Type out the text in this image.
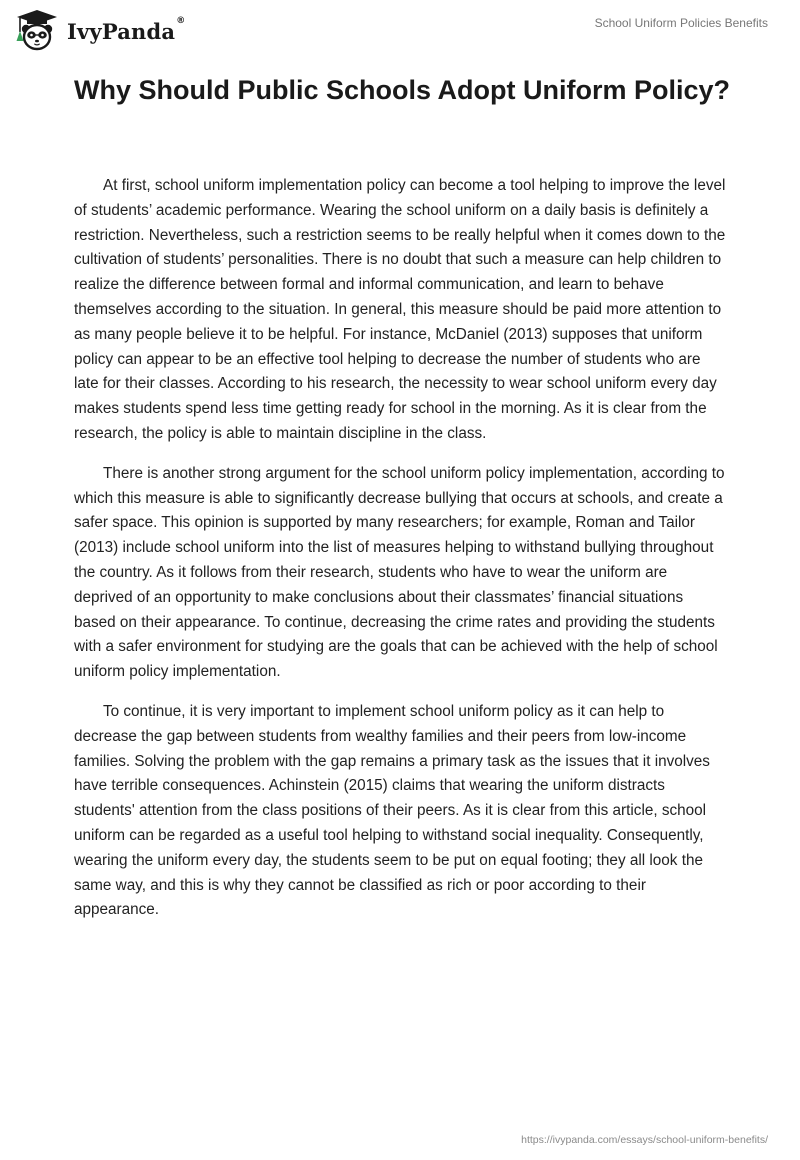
IvyPanda ®	School Uniform Policies Benefits
Why Should Public Schools Adopt Uniform Policy?

At first, school uniform implementation policy can become a tool helping to improve the level of students’ academic performance. Wearing the school uniform on a daily basis is definitely a restriction. Nevertheless, such a restriction seems to be really helpful when it comes down to the cultivation of students’ personalities. There is no doubt that such a measure can help children to realize the difference between formal and informal communication, and learn to behave themselves according to the situation. In general, this measure should be paid more attention to as many people believe it to be helpful. For instance, McDaniel (2013) supposes that uniform policy can appear to be an effective tool helping to decrease the number of students who are late for their classes. According to his research, the necessity to wear school uniform every day makes students spend less time getting ready for school in the morning. As it is clear from the research, the policy is able to maintain discipline in the class.

There is another strong argument for the school uniform policy implementation, according to which this measure is able to significantly decrease bullying that occurs at schools, and create a safer space. This opinion is supported by many researchers; for example, Roman and Tailor (2013) include school uniform into the list of measures helping to withstand bullying throughout the country. As it follows from their research, students who have to wear the uniform are deprived of an opportunity to make conclusions about their classmates’ financial situations based on their appearance. To continue, decreasing the crime rates and providing the students with a safer environment for studying are the goals that can be achieved with the help of school uniform policy implementation.

To continue, it is very important to implement school uniform policy as it can help to decrease the gap between students from wealthy families and their peers from low-income families. Solving the problem with the gap remains a primary task as the issues that it involves have terrible consequences. Achinstein (2015) claims that wearing the uniform distracts students' attention from the class positions of their peers. As it is clear from this article, school uniform can be regarded as a useful tool helping to withstand social inequality. Consequently, wearing the uniform every day, the students seem to be put on equal footing; they all look the same way, and this is why they cannot be classified as rich or poor according to their appearance.

https://ivypanda.com/essays/school-uniform-benefits/
